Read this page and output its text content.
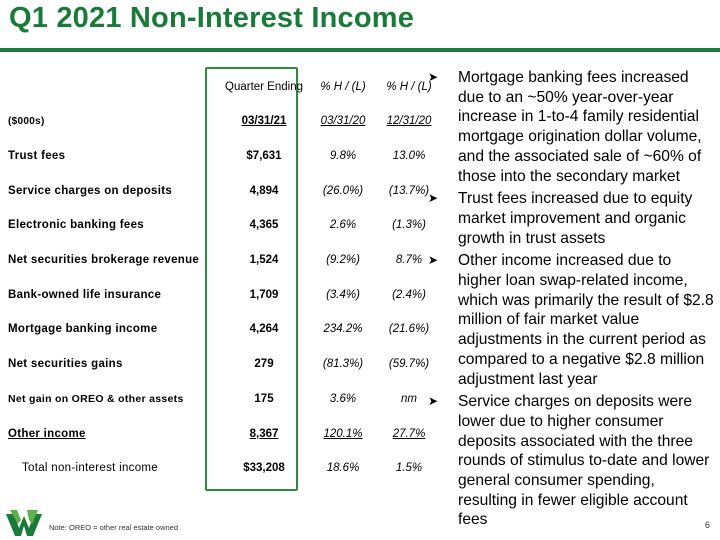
Q1 2021 Non-Interest Income
	Quarter Ending	% H / (L)	% H / (L)
($000s)	03/31/21	03/31/20	12/31/20
Trust fees	$7,631	9.8%	13.0%
Service charges on deposits	4,894	(26.0%)	(13.7%)
Electronic banking fees	4,365	2.6%	(1.3%)
Net securities brokerage revenue	1,524	(9.2%)	8.7%
Bank-owned life insurance	1,709	(3.4%)	(2.4%)
Mortgage banking income	4,264	234.2%	(21.6%)
Net securities gains	279	(81.3%)	(59.7%)
Net gain on OREO & other assets	175	3.6%	nm
Other income	8,367	120.1%	27.7%
Total non-interest income	$33,208	18.6%	1.5%
➤	Mortgage banking fees increased due to an ~50% year-over-year increase in 1-to-4 family residential mortgage origination dollar volume, and the associated sale of ~60% of those into the secondary market
➤	Trust fees increased due to equity market improvement and organic growth in trust assets
➤	Other income increased due to higher loan swap-related income, which was primarily the result of $2.8 million of fair market value adjustments in the current period as compared to a negative $2.8 million adjustment last year
➤	Service charges on deposits were lower due to higher consumer deposits associated with the three rounds of stimulus to-date and lower general consumer spending, resulting in fewer eligible account fees
Note: OREO = other real estate owned	6
